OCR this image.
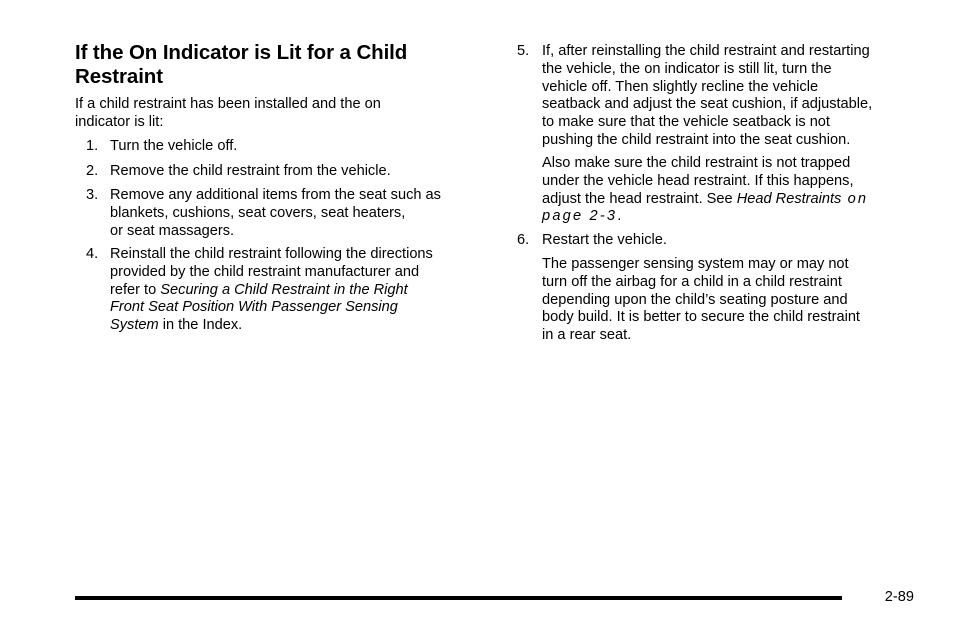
If the On Indicator is Lit for a Child
Restraint

If a child restraint has been installed and the on
indicator is lit:

1. Turn the vehicle off.
2. Remove the child restraint from the vehicle.
3. Remove any additional items from the seat such as
blankets, cushions, seat covers, seat heaters,
or seat massagers.
4. Reinstall the child restraint following the directions
provided by the child restraint manufacturer and
refer to Securing a Child Restraint in the Right
Front Seat Position With Passenger Sensing
System in the Index.
5. If, after reinstalling the child restraint and restarting
the vehicle, the on indicator is still lit, turn the
vehicle off. Then slightly recline the vehicle
seatback and adjust the seat cushion, if adjustable,
to make sure that the vehicle seatback is not
pushing the child restraint into the seat cushion.

Also make sure the child restraint is not trapped
under the vehicle head restraint. If this happens,
adjust the head restraint. See Head Restraints on
page 2-3.

6. Restart the vehicle.

The passenger sensing system may or may not
turn off the airbag for a child in a child restraint
depending upon the child’s seating posture and
body build. It is better to secure the child restraint
in a rear seat.

2-89
